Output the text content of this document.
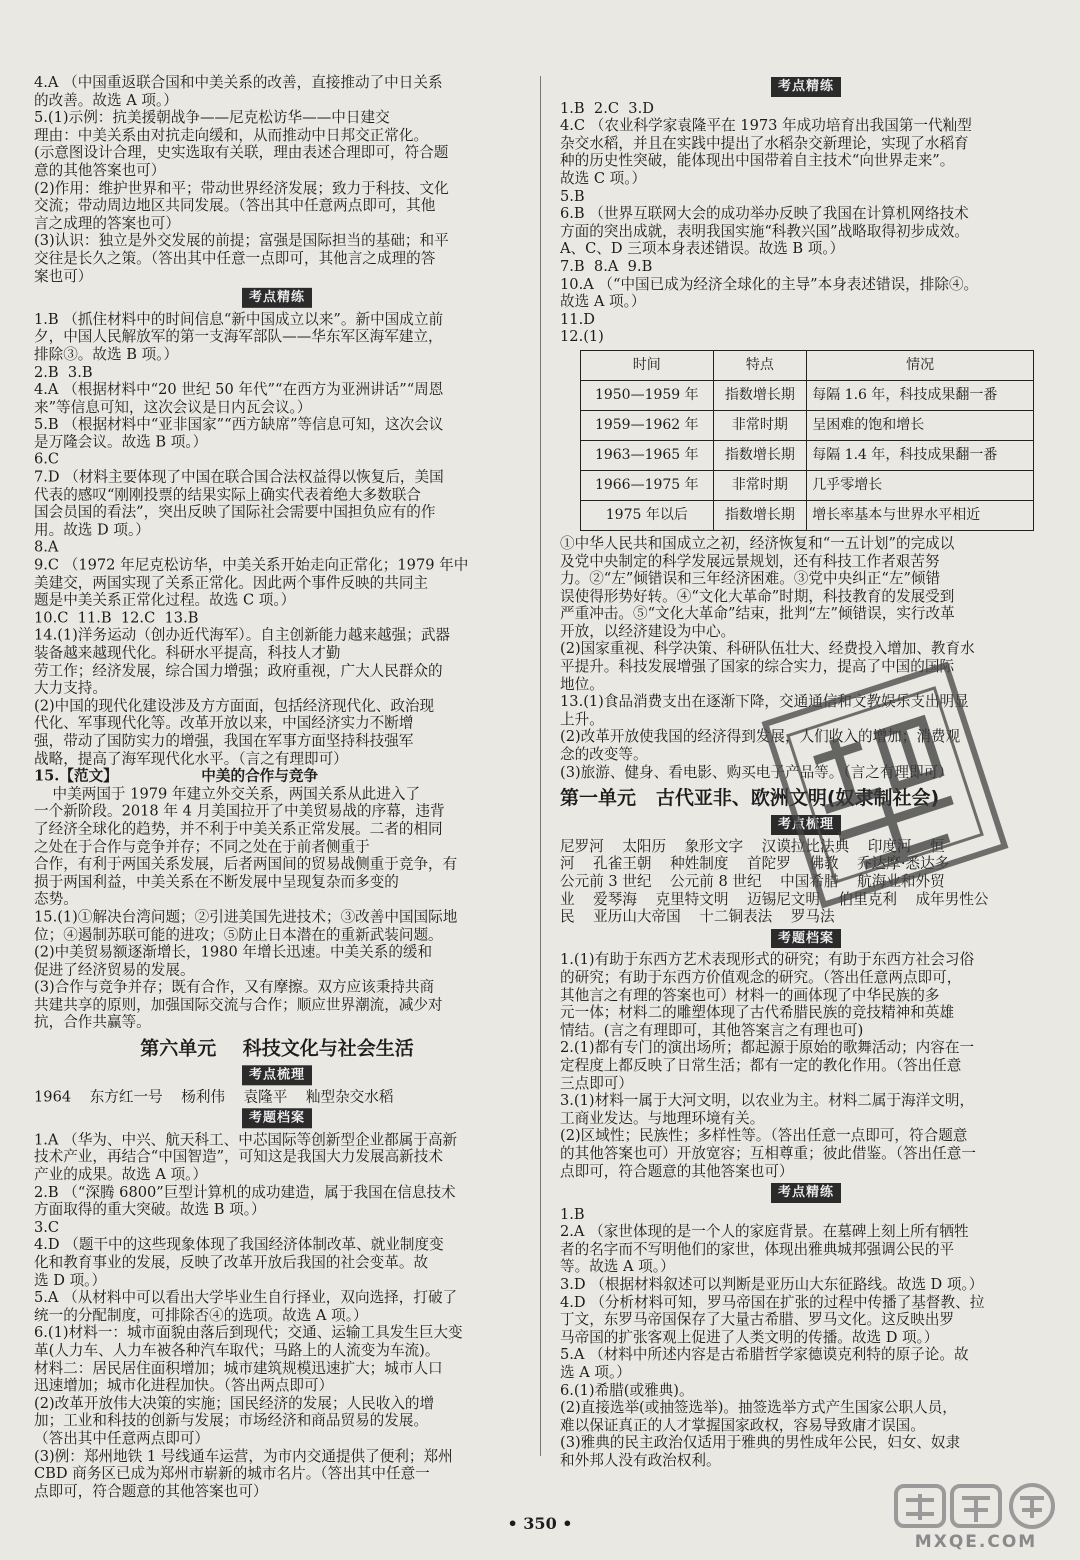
4.A （中国重返联合国和中美关系的改善，直接推动了中日关系
的改善。故选 A 项。）
5.(1)示例：抗美援朝战争——尼克松访华——中日建交
理由：中美关系由对抗走向缓和，从而推动中日邦交正常化。
(示意图设计合理，史实选取有关联，理由表述合理即可，符合题
意的其他答案也可）
(2)作用：维护世界和平；带动世界经济发展；致力于科技、文化
交流；带动周边地区共同发展。（答出其中任意两点即可，其他
言之成理的答案也可）
(3)认识：独立是外交发展的前提；富强是国际担当的基础；和平
交往是长久之策。（答出其中任意一点即可，其他言之成理的答
案也可）
考点精练
1.B （抓住材料中的时间信息“新中国成立以来”。新中国成立前
夕，中国人民解放军的第一支海军部队——华东军区海军建立，
排除③。故选 B 项。）
2.B  3.B
4.A （根据材料中“20 世纪 50 年代”“在西方为亚洲讲话”“周恩
来”等信息可知，这次会议是日内瓦会议。）
5.B （根据材料中“亚非国家”“西方缺席”等信息可知，这次会议
是万隆会议。故选 B 项。）
6.C
7.D （材料主要体现了中国在联合国合法权益得以恢复后，美国
代表的感叹“刚刚投票的结果实际上确实代表着绝大多数联合
国会员国的看法”，突出反映了国际社会需要中国担负应有的作
用。故选 D 项。）
8.A
9.C （1972 年尼克松访华，中美关系开始走向正常化；1979 年中
美建交，两国实现了关系正常化。因此两个事件反映的共同主
题是中美关系正常化过程。故选 C 项。）
10.C  11.B  12.C  13.B
14.(1)洋务运动（创办近代海军）。自主创新能力越来越强；武器
装备越来越现代化。科研水平提高，科技人才勤
劳工作；经济发展，综合国力增强；政府重视，广大人民群众的
大力支持。
(2)中国的现代化建设涉及方方面面，包括经济现代化、政治现
代化、军事现代化等。改革开放以来，中国经济实力不断增
强，带动了国防实力的增强，我国在军事方面坚持科技强军
战略，提高了海军现代化水平。（言之有理即可）
15.【范文】	中美的合作与竞争
中美两国于 1979 年建立外交关系，两国关系从此进入了
一个新阶段。2018 年 4 月美国拉开了中美贸易战的序幕，违背
了经济全球化的趋势，并不利于中美关系正常发展。二者的相同
之处在于合作与竞争并存；不同之处在于前者侧重于
合作，有利于两国关系发展，后者两国间的贸易战侧重于竞争，有
损于两国利益，中美关系在不断发展中呈现复杂而多变的
态势。
15.(1)①解决台湾问题；②引进美国先进技术；③改善中国国际地
位；④遏制苏联可能的进攻；⑤防止日本潜在的重新武装问题。
(2)中美贸易额逐渐增长，1980 年增长迅速。中美关系的缓和
促进了经济贸易的发展。
(3)合作与竞争并存；既有合作，又有摩擦。双方应该秉持共商
共建共享的原则，加强国际交流与合作；顺应世界潮流，减少对
抗，合作共赢等。
第六单元    科技文化与社会生活
考点梳理
1964    东方红一号    杨利伟    袁隆平    籼型杂交水稻
考题档案
1.A （华为、中兴、航天科工、中芯国际等创新型企业都属于高新
技术产业，再结合“中国智造”，可知这是我国大力发展高新技术
产业的成果。故选 A 项。）
2.B （“深腾 6800”巨型计算机的成功建造，属于我国在信息技术
方面取得的重大突破。故选 B 项。）
3.C
4.D （题干中的这些现象体现了我国经济体制改革、就业制度变
化和教育事业的发展，反映了改革开放后我国的社会变革。故
选 D 项。）
5.A （从材料中可以看出大学毕业生自行择业，双向选择，打破了
统一的分配制度，可排除否④的选项。故选 A 项。）
6.(1)材料一：城市面貌由落后到现代；交通、运输工具发生巨大变
革(人力车、人力车被各种汽车取代；马路上的人流变为车流)。
材料二：居民居住面积增加；城市建筑规模迅速扩大；城市人口
迅速增加；城市化进程加快。（答出两点即可）
(2)改革开放伟大决策的实施；国民经济的发展；人民收入的增
加；工业和科技的创新与发展；市场经济和商品贸易的发展。
（答出其中任意两点即可）
(3)例：郑州地铁 1 号线通车运营，为市内交通提供了便利；郑州
CBD 商务区已成为郑州市崭新的城市名片。（答出其中任意一
点即可，符合题意的其他答案也可）
考点精练
1.B  2.C  3.D
4.C （农业科学家袁隆平在 1973 年成功培育出我国第一代籼型
杂交水稻，并且在实践中提出了水稻杂交新理论，实现了水稻育
种的历史性突破，能体现出中国带着自主技术“向世界走来”。
故选 C 项。）
5.B
6.B （世界互联网大会的成功举办反映了我国在计算机网络技术
方面的突出成就，表明我国实施“科教兴国”战略取得初步成效。
A、C、D 三项本身表述错误。故选 B 项。）
7.B  8.A  9.B
10.A （“中国已成为经济全球化的主导”本身表述错误，排除④。
故选 A 项。）
11.D
12.(1)
时间	特点	情况
1950—1959 年	指数增长期	每隔 1.6 年，科技成果翻一番
1959—1962 年	非常时期	呈困难的饱和增长
1963—1965 年	指数增长期	每隔 1.4 年，科技成果翻一番
1966—1975 年	非常时期	几乎零增长
1975 年以后	指数增长期	增长率基本与世界水平相近
①中华人民共和国成立之初，经济恢复和“一五计划”的完成以
及党中央制定的科学发展远景规划，还有科技工作者艰苦努
力。②“左”倾错误和三年经济困难。③党中央纠正“左”倾错
误使得形势好转。④“文化大革命”时期，科技教育的发展受到
严重冲击。⑤“文化大革命”结束，批判“左”倾错误，实行改革
开放，以经济建设为中心。
(2)国家重视、科学决策、科研队伍壮大、经费投入增加、教育水
平提升。科技发展增强了国家的综合实力，提高了中国的国际
地位。
13.(1)食品消费支出在逐渐下降，交通通信和文教娱乐支出明显
上升。
(2)改革开放使我国的经济得到发展，人们收入的增加；消费观
念的改变等。
(3)旅游、健身、看电影、购买电子产品等。（言之有理即可）
第一单元   古代亚非、欧洲文明(奴隶制社会)
考点梳理
尼罗河    太阳历    象形文字    汉谟拉比法典    印度河    恒
河    孔雀王朝    种姓制度    首陀罗    佛教    乔达摩·悉达多
公元前 3 世纪    公元前 8 世纪    中国希腊    航海业和外贸
业    爱琴海    克里特文明    迈锡尼文明    伯里克利    成年男性公
民    亚历山大帝国    十二铜表法    罗马法
考题档案
1.(1)有助于东西方艺术表现形式的研究；有助于东西方社会习俗
的研究；有助于东西方价值观念的研究。（答出任意两点即可，
其他言之有理的答案也可）材料一的画体现了中华民族的多
元一体；材料二的雕塑体现了古代希腊民族的竞技精神和英雄
情结。(言之有理即可，其他答案言之有理也可)
2.(1)都有专门的演出场所；都起源于原始的歌舞活动；内容在一
定程度上都反映了日常生活；都有一定的教化作用。（答出任意
三点即可）
3.(1)材料一属于大河文明，以农业为主。材料二属于海洋文明，
工商业发达。与地理环境有关。
(2)区域性；民族性；多样性等。（答出任意一点即可，符合题意
的其他答案也可）开放宽容；互相尊重；彼此借鉴。（答出任意一
点即可，符合题意的其他答案也可）
考点精练
1.B
2.A （家世体现的是一个人的家庭背景。在墓碑上刻上所有牺牲
者的名字而不写明他们的家世，体现出雅典城邦强调公民的平
等。故选 A 项。）
3.D （根据材料叙述可以判断是亚历山大东征路线。故选 D 项。）
4.D （分析材料可知，罗马帝国在扩张的过程中传播了基督教、拉
丁文，东罗马帝国保存了大量古希腊、罗马文化。这反映出罗
马帝国的扩张客观上促进了人类文明的传播。故选 D 项。）
5.A （材料中所述内容是古希腊哲学家德谟克利特的原子论。故
选 A 项。）
6.(1)希腊(或雅典)。
(2)直接选举(或抽签选举)。抽签选举方式产生国家公职人员，
难以保证真正的人才掌握国家政权，容易导致庸才误国。
(3)雅典的民主政治仅适用于雅典的男性成年公民，妇女、奴隶
和外邦人没有政治权利。
• 350 •
MXQE.COM
